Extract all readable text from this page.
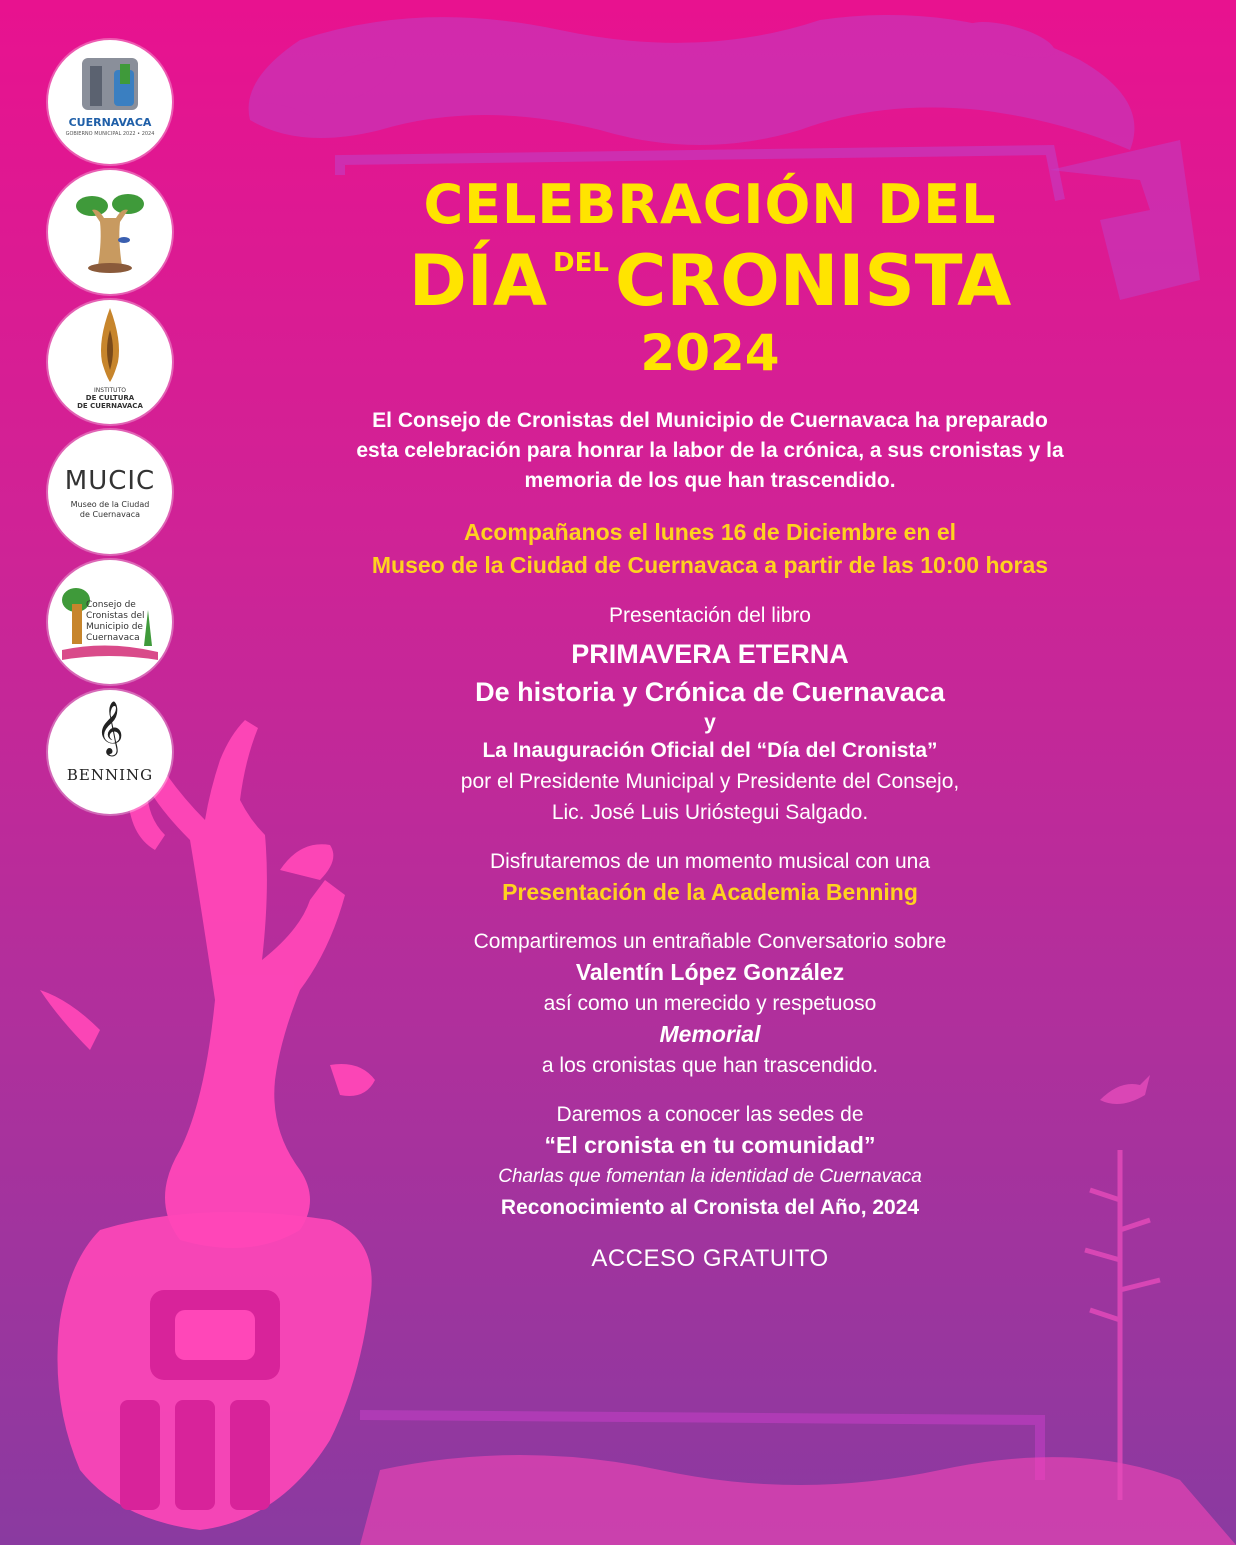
CUERNAVACA
GOBIERNO MUNICIPAL 2022 • 2024
INSTITUTO
DE CULTURA
DE CUERNAVACA
MUCIC
Museo de la Ciudad
de Cuernavaca
Consejo de
Cronistas del
Municipio de
Cuernavaca
𝄞
BENNING
CELEBRACIÓN DEL
DÍA $^{DEL}$CRONISTA
2024

El Consejo de Cronistas del Municipio de Cuernavaca ha preparado

esta celebración para honrar la labor de la crónica, a sus cronistas y la

memoria de los que han trascendido.

Acompañanos el lunes 16 de Diciembre en el

Museo de la Ciudad de Cuernavaca a partir de las 10:00 horas

Presentación del libro

PRIMAVERA ETERNA

De historia y Crónica de Cuernavaca

y

La Inauguración Oficial del “Día del Cronista”

por el Presidente Municipal y Presidente del Consejo,

Lic. José Luis Urióstegui Salgado.

Disfrutaremos de un momento musical con una

Presentación de la Academia Benning

Compartiremos un entrañable Conversatorio sobre

Valentín López González

así como un merecido y respetuoso

Memorial

a los cronistas que han trascendido.

Daremos a conocer las sedes de

“El cronista en tu comunidad”

Charlas que fomentan la identidad de Cuernavaca

Reconocimiento al Cronista del Año, 2024

ACCESO GRATUITO
